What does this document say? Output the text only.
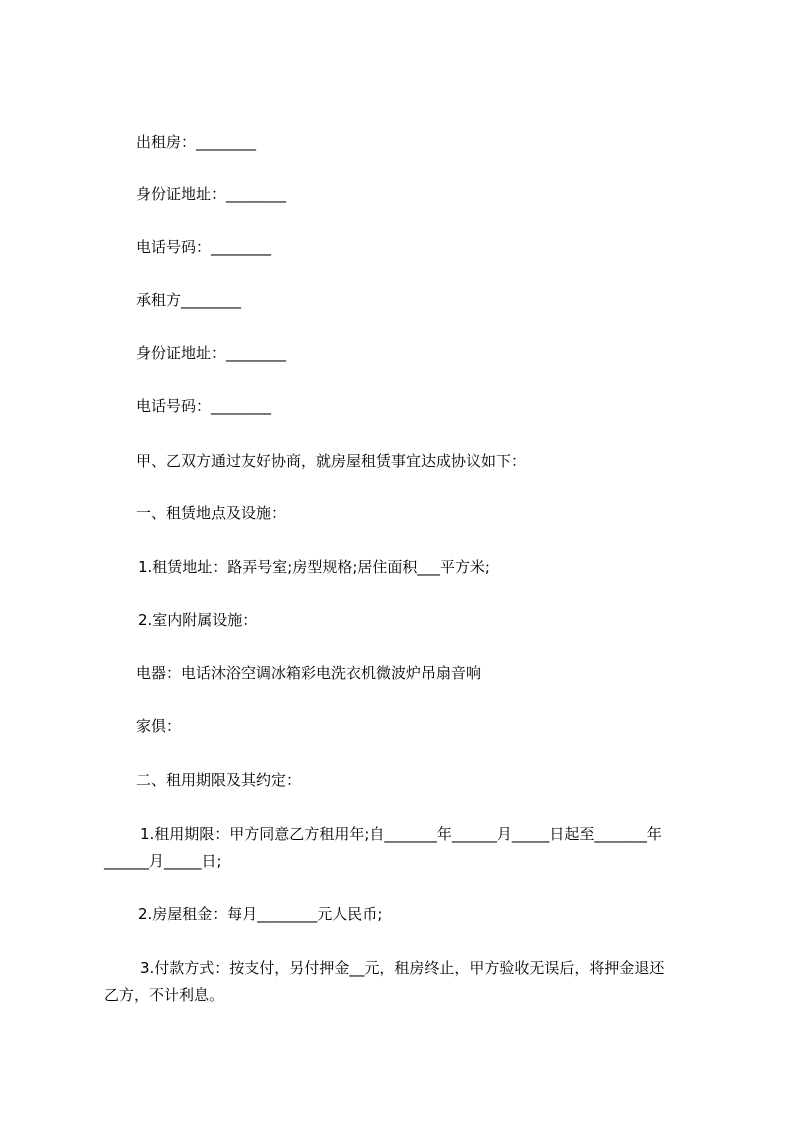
出租房：________
身份证地址：________
电话号码：________
承租方________
身份证地址：________
电话号码：________
甲、乙双方通过友好协商，就房屋租赁事宜达成协议如下：
一、租赁地点及设施：
1.租赁地址：路弄号室;房型规格;居住面积___平方米;
2.室内附属设施：
电器：电话沐浴空调冰箱彩电洗衣机微波炉吊扇音响
家俱：
二、租用期限及其约定：
1.租用期限：甲方同意乙方租用年;自_______年______月_____日起至_______年
______月_____日;
2.房屋租金：每月________元人民币;
3.付款方式：按支付，另付押金__元，租房终止，甲方验收无误后，将押金退还
乙方，不计利息。
